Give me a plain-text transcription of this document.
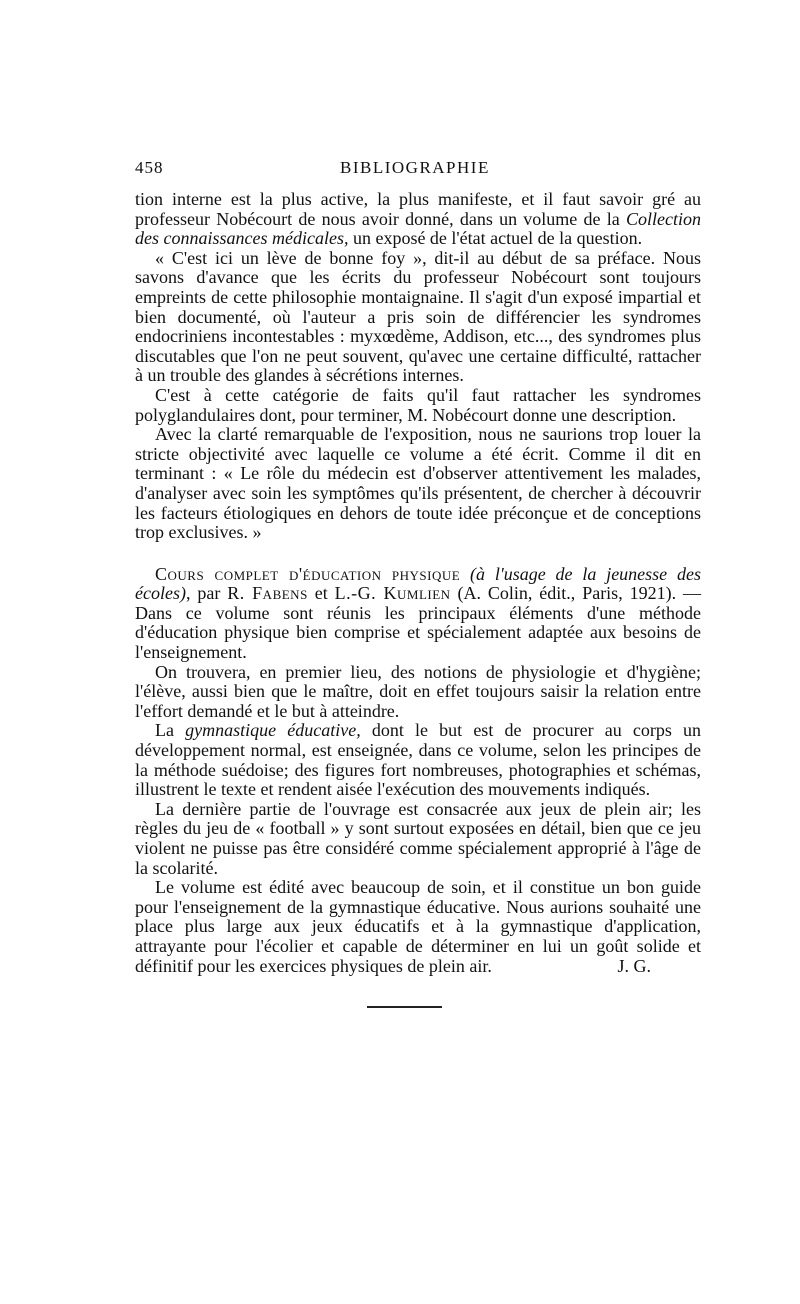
458	BIBLIOGRAPHIE

tion interne est la plus active, la plus manifeste, et il faut savoir gré au professeur Nobécourt de nous avoir donné, dans un volume de la Collection des connaissances médicales, un exposé de l'état actuel de la question.

« C'est ici un lève de bonne foy », dit-il au début de sa préface. Nous savons d'avance que les écrits du professeur Nobécourt sont toujours empreints de cette philosophie montaignaine. Il s'agit d'un exposé impartial et bien documenté, où l'auteur a pris soin de différencier les syndromes endocriniens incontestables : myxœdème, Addison, etc..., des syndromes plus discutables que l'on ne peut souvent, qu'avec une certaine difficulté, rattacher à un trouble des glandes à sécrétions internes.

C'est à cette catégorie de faits qu'il faut rattacher les syndromes polyglandulaires dont, pour terminer, M. Nobécourt donne une description.

Avec la clarté remarquable de l'exposition, nous ne saurions trop louer la stricte objectivité avec laquelle ce volume a été écrit. Comme il dit en terminant : « Le rôle du médecin est d'observer attentivement les malades, d'analyser avec soin les symptômes qu'ils présentent, de chercher à découvrir les facteurs étiologiques en dehors de toute idée préconçue et de conceptions trop exclusives. »

Cours complet d'éducation physique (à l'usage de la jeunesse des écoles), par R. Fabens et L.-G. Kumlien (A. Colin, édit., Paris, 1921). — Dans ce volume sont réunis les principaux éléments d'une méthode d'éducation physique bien comprise et spécialement adaptée aux besoins de l'enseignement.

On trouvera, en premier lieu, des notions de physiologie et d'hygiène; l'élève, aussi bien que le maître, doit en effet toujours saisir la relation entre l'effort demandé et le but à atteindre.

La gymnastique éducative, dont le but est de procurer au corps un développement normal, est enseignée, dans ce volume, selon les principes de la méthode suédoise; des figures fort nombreuses, photographies et schémas, illustrent le texte et rendent aisée l'exécution des mouvements indiqués.

La dernière partie de l'ouvrage est consacrée aux jeux de plein air; les règles du jeu de « football » y sont surtout exposées en détail, bien que ce jeu violent ne puisse pas être considéré comme spécialement approprié à l'âge de la scolarité.

Le volume est édité avec beaucoup de soin, et il constitue un bon guide pour l'enseignement de la gymnastique éducative. Nous aurions souhaité une place plus large aux jeux éducatifs et à la gymnastique d'application, attrayante pour l'écolier et capable de déterminer en lui un goût solide et définitif pour les exercices physiques de plein air.	J. G.
